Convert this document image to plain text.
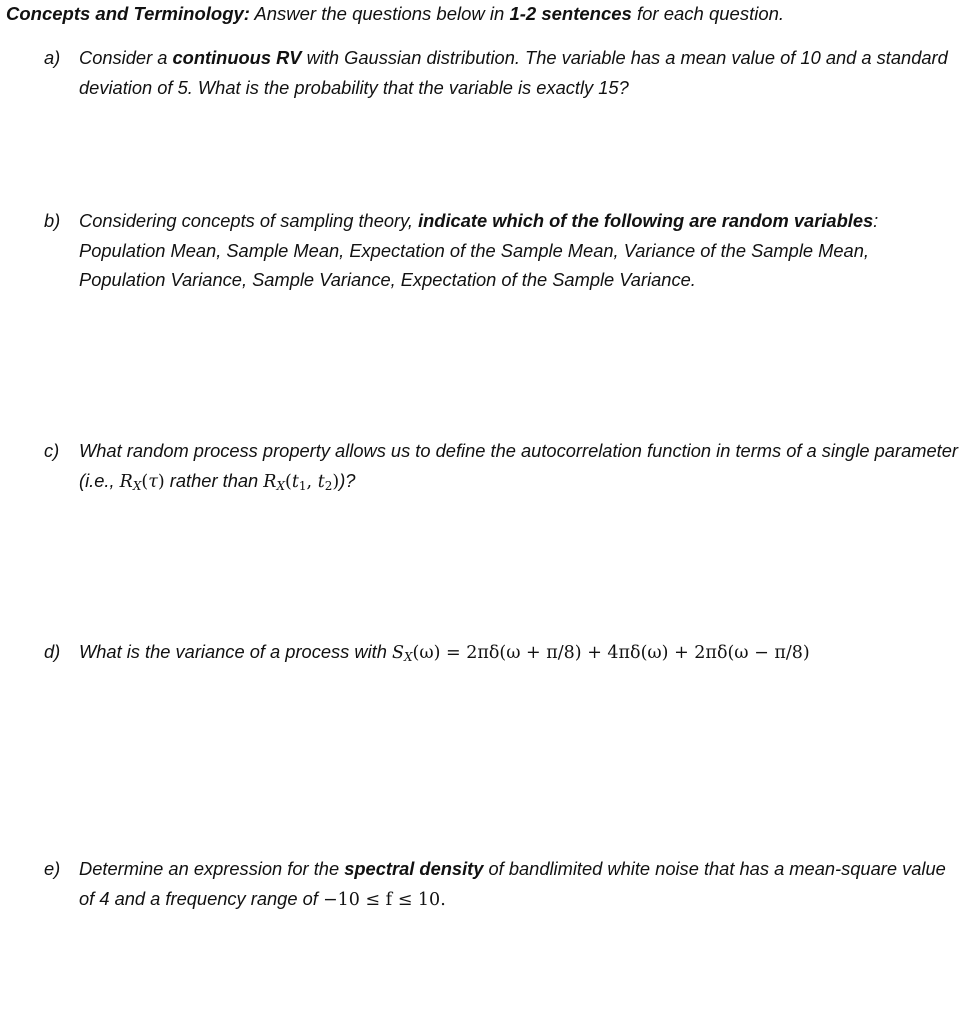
Concepts and Terminology: Answer the questions below in 1-2 sentences for each question.
a) Consider a continuous RV with Gaussian distribution. The variable has a mean value of 10 and a standard deviation of 5. What is the probability that the variable is exactly 15?
b) Considering concepts of sampling theory, indicate which of the following are random variables: Population Mean, Sample Mean, Expectation of the Sample Mean, Variance of the Sample Mean, Population Variance, Sample Variance, Expectation of the Sample Variance.
c) What random process property allows us to define the autocorrelation function in terms of a single parameter (i.e., $R_X(\tau)$ rather than $R_X(t_1$, $t_2$))?
d) What is the variance of a process with $S_X(\omega) = 2\pi\delta(\omega + \pi/8) + 4\pi\delta(\omega) + 2\pi\delta(\omega - \pi/8)$
e) Determine an expression for the spectral density of bandlimited white noise that has a mean-square value of 4 and a frequency range of −10 ≤ f ≤ 10.
